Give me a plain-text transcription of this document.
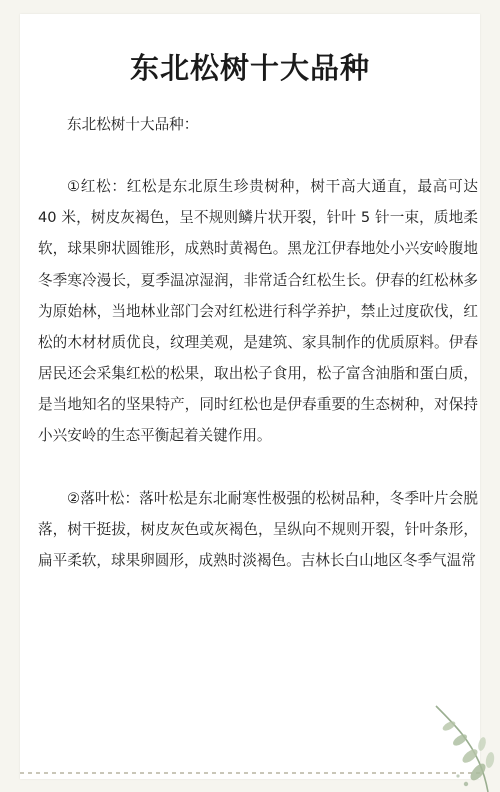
东北松树十大品种

东北松树十大品种：

①红松：红松是东北原生珍贵树种，树干高大通直，最高可达 40 米，树皮灰褐色，呈不规则鳞片状开裂，针叶 5 针一束，质地柔软，球果卵状圆锥形，成熟时黄褐色。黑龙江伊春地处小兴安岭腹地冬季寒冷漫长，夏季温凉湿润，非常适合红松生长。伊春的红松林多为原始林，当地林业部门会对红松进行科学养护，禁止过度砍伐，红松的木材材质优良，纹理美观，是建筑、家具制作的优质原料。伊春居民还会采集红松的松果，取出松子食用，松子富含油脂和蛋白质，是当地知名的坚果特产，同时红松也是伊春重要的生态树种，对保持小兴安岭的生态平衡起着关键作用。

②落叶松：落叶松是东北耐寒性极强的松树品种，冬季叶片会脱落，树干挺拔，树皮灰色或灰褐色，呈纵向不规则开裂，针叶条形，扁平柔软，球果卵圆形，成熟时淡褐色。吉林长白山地区冬季气温常
